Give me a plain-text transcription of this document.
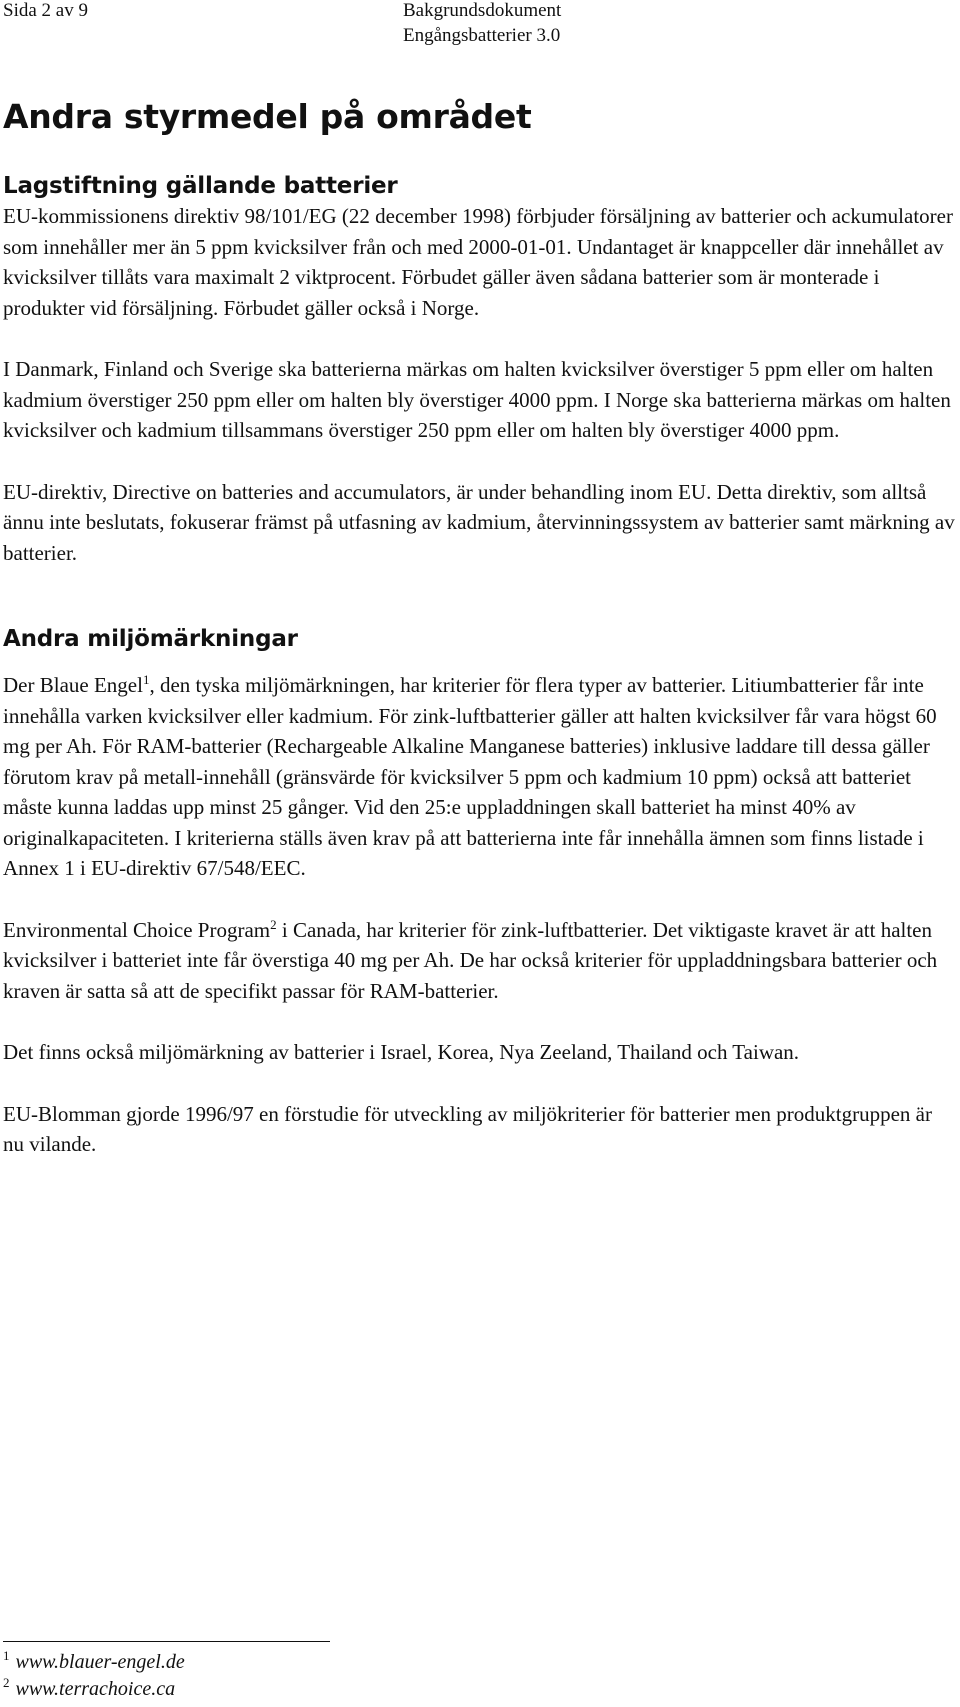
Sida 2 av 9	Bakgrundsdokument
Engångsbatterier 3.0
Andra styrmedel på området
Lagstiftning gällande batterier

EU-kommissionens direktiv 98/101/EG (22 december 1998) förbjuder försäljning av batterier och ackumulatorer som innehåller mer än 5 ppm kvicksilver från och med 2000-01-01. Undantaget är knappceller där innehållet av kvicksilver tillåts vara maximalt 2 viktprocent. Förbudet gäller även sådana batterier som är monterade i produkter vid försäljning. Förbudet gäller också i Norge.

I Danmark, Finland och Sverige ska batterierna märkas om halten kvicksilver överstiger 5 ppm eller om halten kadmium överstiger 250 ppm eller om halten bly överstiger 4000 ppm. I Norge ska batterierna märkas om halten kvicksilver och kadmium tillsammans överstiger 250 ppm eller om halten bly överstiger 4000 ppm.

EU-direktiv, Directive on batteries and accumulators, är under behandling inom EU. Detta direktiv, som alltså ännu inte beslutats, fokuserar främst på utfasning av kadmium, återvinningssystem av batterier samt märkning av batterier.

Andra miljömärkningar

Der Blaue Engel$^1$, den tyska miljömärkningen, har kriterier för flera typer av batterier. Litiumbatterier får inte innehålla varken kvicksilver eller kadmium. För zink-luftbatterier gäller att halten kvicksilver får vara högst 60 mg per Ah. För RAM-batterier (Rechargeable Alkaline Manganese batteries) inklusive laddare till dessa gäller förutom krav på metall-innehåll (gränsvärde för kvicksilver 5 ppm och kadmium 10 ppm) också att batteriet måste kunna laddas upp minst 25 gånger. Vid den 25:e uppladdningen skall batteriet ha minst 40% av originalkapaciteten. I kriterierna ställs även krav på att batterierna inte får innehålla ämnen som finns listade i Annex 1 i EU-direktiv 67/548/EEC.

Environmental Choice Program$^2$ i Canada, har kriterier för zink-luftbatterier. Det viktigaste kravet är att halten kvicksilver i batteriet inte får överstiga 40 mg per Ah. De har också kriterier för uppladdningsbara batterier och kraven är satta så att de specifikt passar för RAM-batterier.

Det finns också miljömärkning av batterier i Israel, Korea, Nya Zeeland, Thailand och Taiwan.

EU-Blomman gjorde 1996/97 en förstudie för utveckling av miljökriterier för batterier men produktgruppen är nu vilande.

$^1$ www.blauer-engel.de
$^2$ www.terrachoice.ca
